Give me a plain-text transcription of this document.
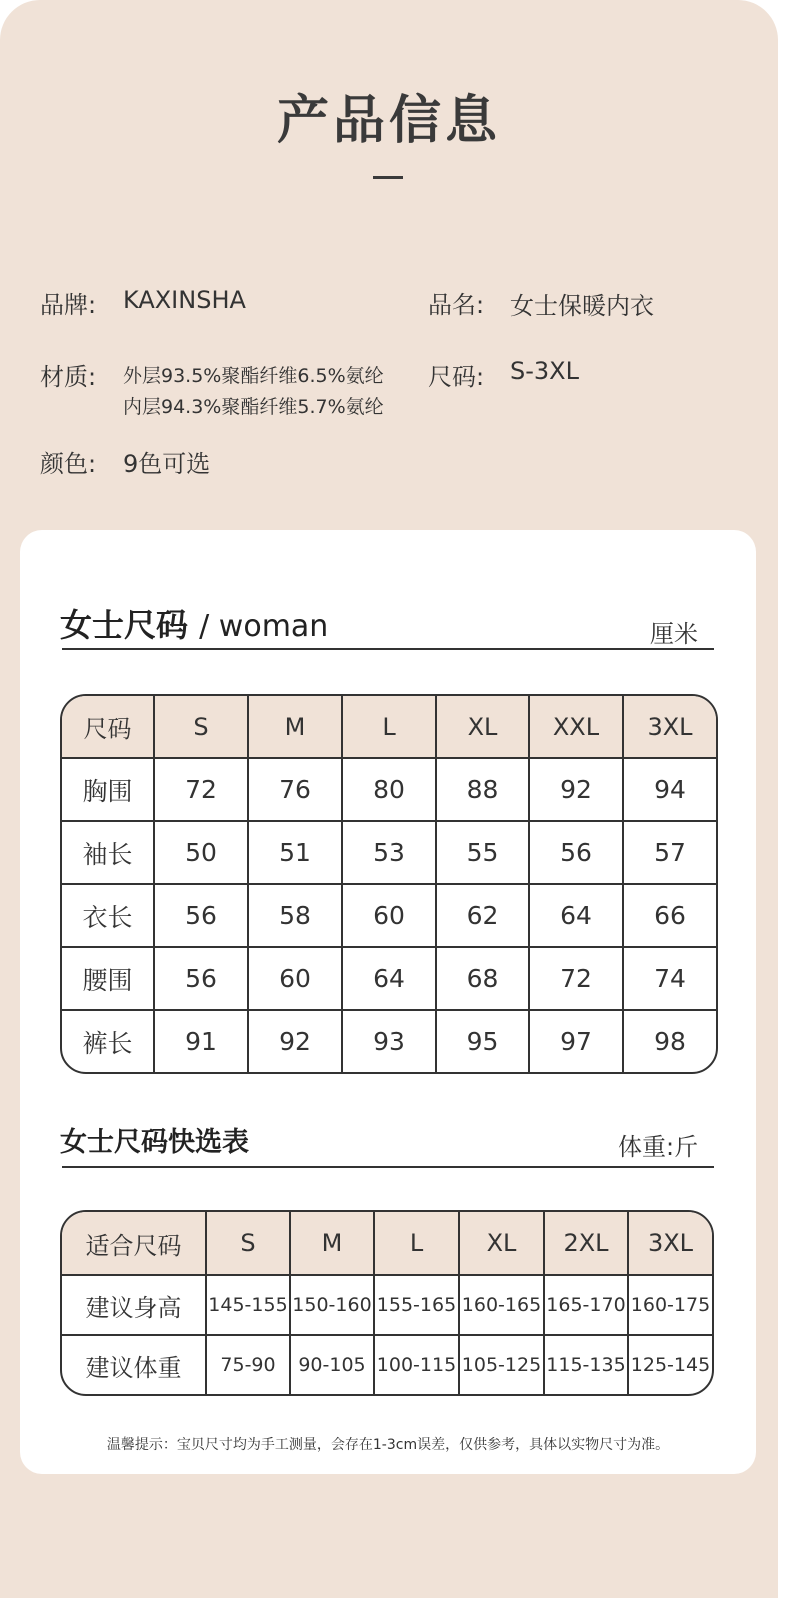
产品信息
品牌: KAXINSHA	品名: 女士保暖内衣
材质: 外层93.5%聚酯纤维6.5%氨纶
内层94.3%聚酯纤维5.7%氨纶
尺码: S-3XL
颜色: 9色可选
女士尺码 / woman	厘米
尺码	S	M	L	XL	XXL	3XL
胸围	72	76	80	88	92	94
袖长	50	51	53	55	56	57
衣长	56	58	60	62	64	66
腰围	56	60	64	68	72	74
裤长	91	92	93	95	97	98
女士尺码快选表	体重:斤
适合尺码	S	M	L	XL	2XL	3XL
建议身高	145-155	150-160	155-165	160-165	165-170	160-175
建议体重	75-90	90-105	100-115	105-125	115-135	125-145
温馨提示：宝贝尺寸均为手工测量，会存在1-3cm误差，仅供参考，具体以实物尺寸为准。
